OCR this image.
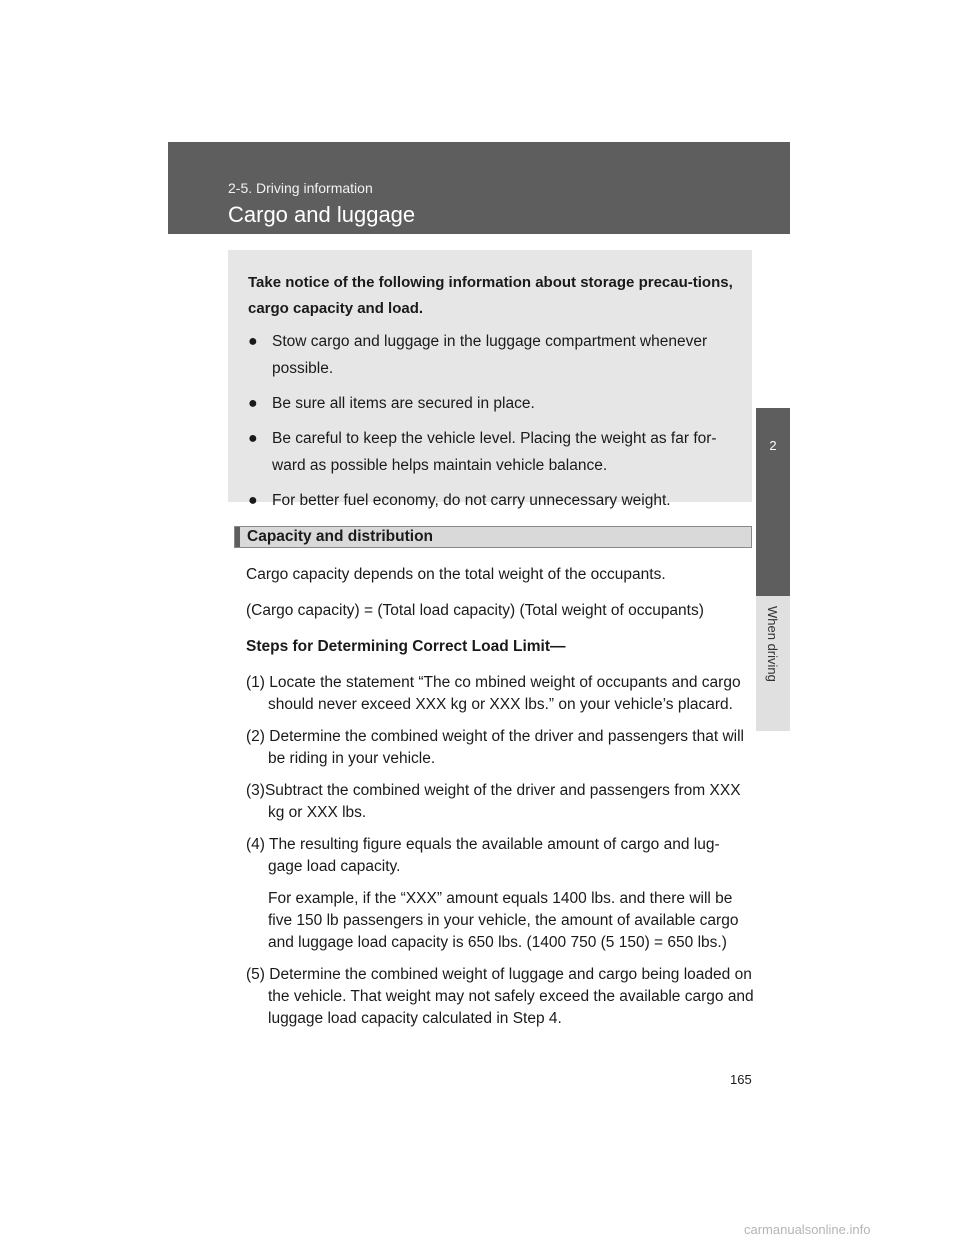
2-5. Driving information
Cargo and luggage
2
When driving

Take notice of the following information about storage precau-tions, cargo capacity and load.

● Stow cargo and luggage in the luggage compartment whenever possible.
● Be sure all items are secured in place.
● Be careful to keep the vehicle level. Placing the weight as far for-ward as possible helps maintain vehicle balance.
● For better fuel economy, do not carry unnecessary weight.
Capacity and distribution

Cargo capacity depends on the total weight of the occupants.

(Cargo capacity) = (Total load capacity) (Total weight of occupants)

Steps for Determining Correct Load Limit—

(1) Locate the statement “The co mbined weight of occupants and cargo should never exceed XXX kg or XXX lbs.” on your vehicle’s placard.
(2) Determine the combined weight of the driver and passengers that will be riding in your vehicle.
(3)Subtract the combined weight of the driver and passengers from XXX kg or XXX lbs.
(4) The resulting figure equals the available amount of cargo and lug-gage load capacity.
For example, if the “XXX” amount equals 1400 lbs. and there will be five 150 lb passengers in your vehicle, the amount of available cargo and luggage load capacity is 650 lbs. (1400 750 (5 150) = 650 lbs.)
(5) Determine the combined weight of luggage and cargo being loaded on the vehicle. That weight may not safely exceed the available cargo and luggage load capacity calculated in Step 4.
165
carmanualsonline.info
